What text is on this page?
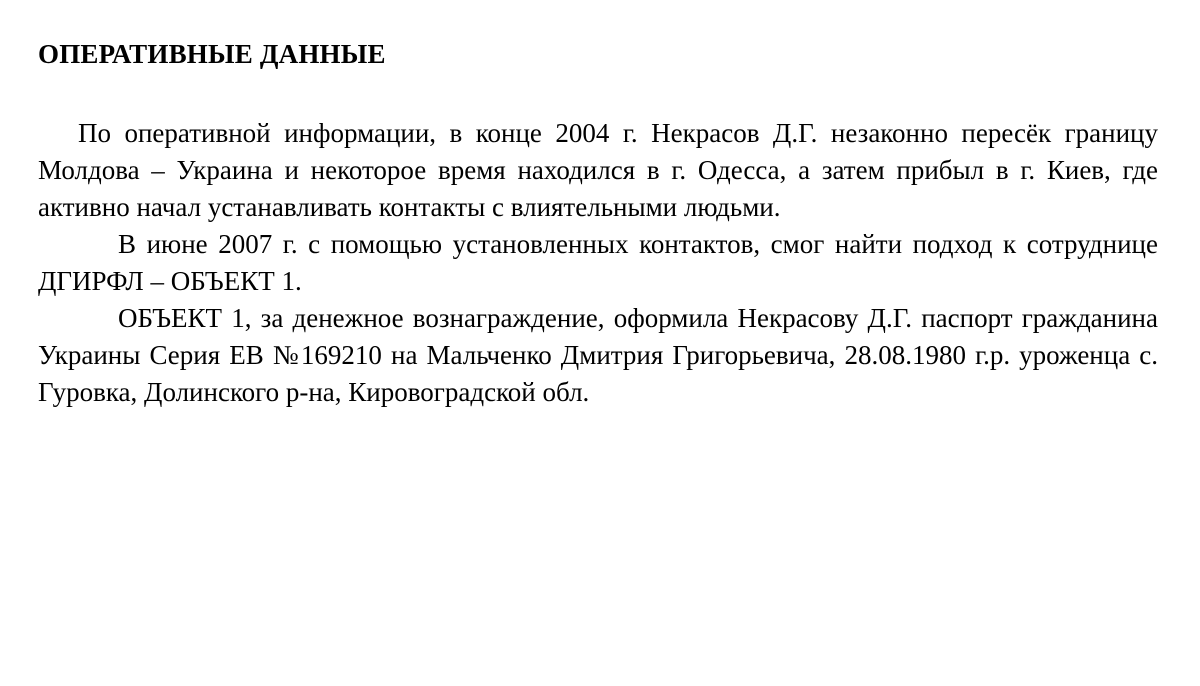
ОПЕРАТИВНЫЕ ДАННЫЕ

По оперативной информации, в конце 2004 г. Некрасов Д.Г. незаконно пересёк границу Молдова – Украина и некоторое время находился в г. Одесса, а затем прибыл в г. Киев, где активно начал устанавливать контакты с влиятельными людьми.

В июне 2007 г. с помощью установленных контактов, смог найти подход к сотруднице ДГИРФЛ – ОБЪЕКТ 1.

ОБЪЕКТ 1, за денежное вознаграждение, оформила Некрасову Д.Г. паспорт гражданина Украины Серия ЕВ №169210 на Мальченко Дмитрия Григорьевича, 28.08.1980 г.р. уроженца с. Гуровка, Долинского р-на, Кировоградской обл.
